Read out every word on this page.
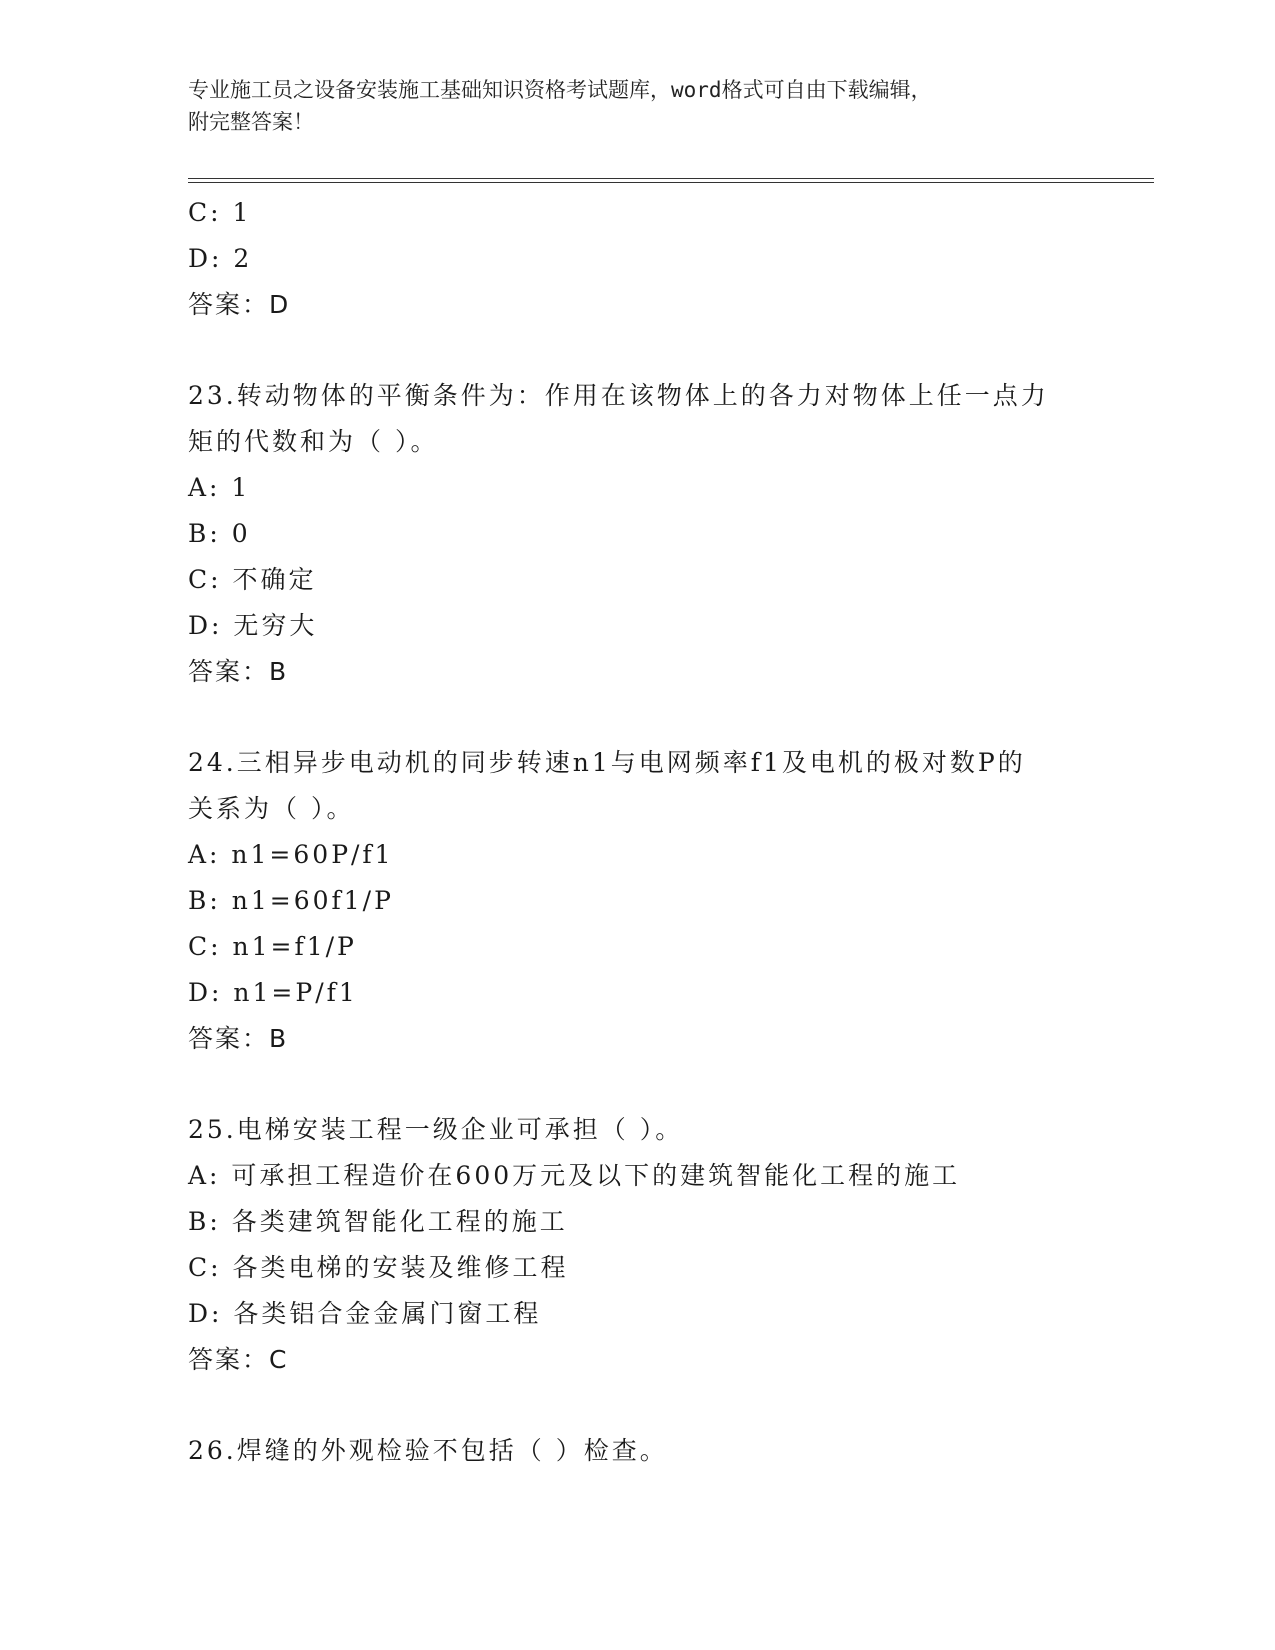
专业施工员之设备安装施工基础知识资格考试题库，word格式可自由下载编辑，
附完整答案！
C: 1
D: 2
答案：D
23.转动物体的平衡条件为：作用在该物体上的各力对物体上任一点力
矩的代数和为（ ）。
A: 1
B: 0
C: 不确定
D: 无穷大
答案：B
24.三相异步电动机的同步转速n1与电网频率f1及电机的极对数P的
关系为（ ）。
A: n1=60P/f1
B: n1=60f1/P
C: n1=f1/P
D: n1=P/f1
答案：B
25.电梯安装工程一级企业可承担（ ）。
A: 可承担工程造价在600万元及以下的建筑智能化工程的施工
B: 各类建筑智能化工程的施工
C: 各类电梯的安装及维修工程
D: 各类铝合金金属门窗工程
答案：C
26.焊缝的外观检验不包括（ ）检查。
